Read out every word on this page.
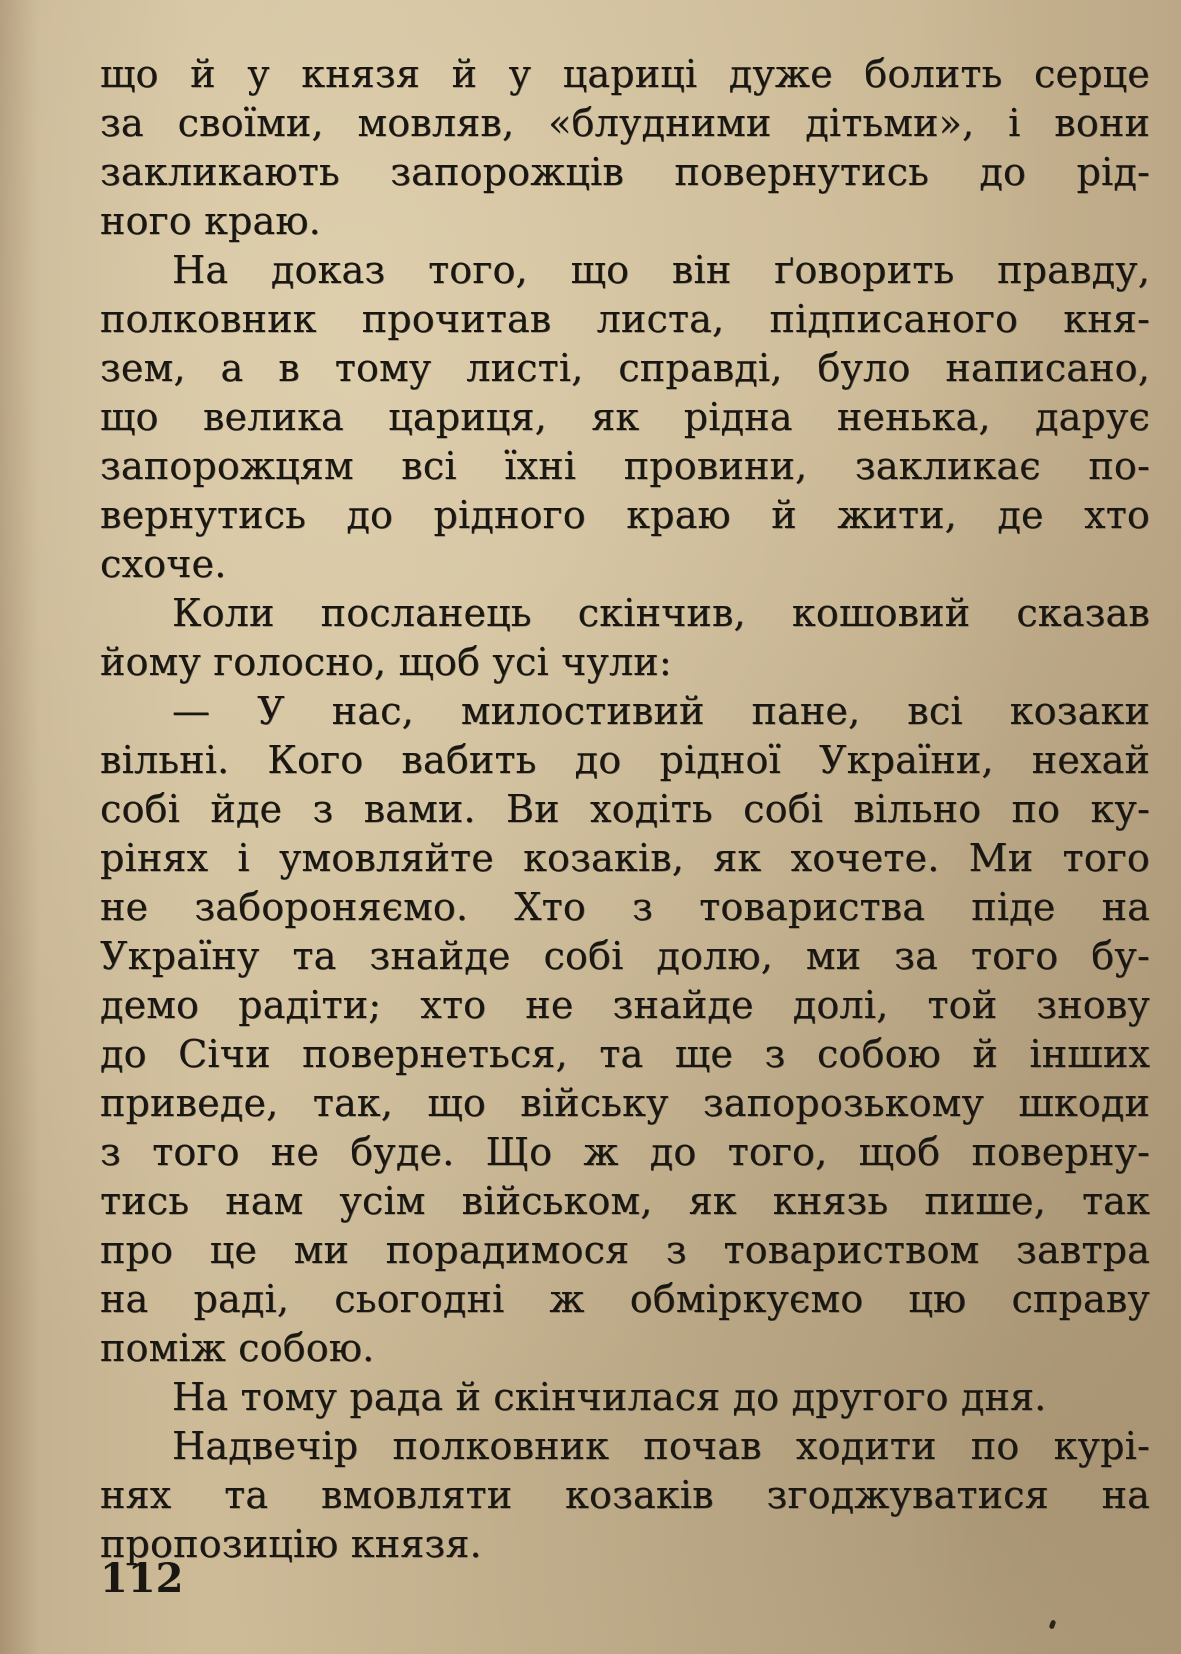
що й у князя й у цариці дуже болить серце
за своїми, мовляв, «блудними дітьми», і вони
закликають запорожців повернутись до рід-
ного краю.
На доказ того, що він ґоворить правду,
полковник прочитав листа, підписаного кня-
зем, а в тому листі, справді, було написано,
що велика цариця, як рідна ненька, дарує
запорожцям всі їхні провини, закликає по-
вернутись до рідного краю й жити, де хто
схоче.
Коли посланець скінчив, кошовий сказав
йому голосно, щоб усі чули:
— У нас, милостивий пане, всі козаки
вільні. Кого вабить до рідної України, нехай
собі йде з вами. Ви ходіть собі вільно по ку-
рінях і умовляйте козаків, як хочете. Ми того
не забороняємо. Хто з товариства піде на
Україну та знайде собі долю, ми за того бу-
демо радіти; хто не знайде долі, той знову
до Січи повернеться, та ще з собою й інших
приведе, так, що війську запорозькому шкоди
з того не буде. Що ж до того, щоб поверну-
тись нам усім військом, як князь пише, так
про це ми порадимося з товариством завтра
на раді, сьогодні ж обміркуємо цю справу
поміж собою.
На тому рада й скінчилася до другого дня.
Надвечір полковник почав ходити по курі-
нях та вмовляти козаків згоджуватися на
пропозицію князя.
112
